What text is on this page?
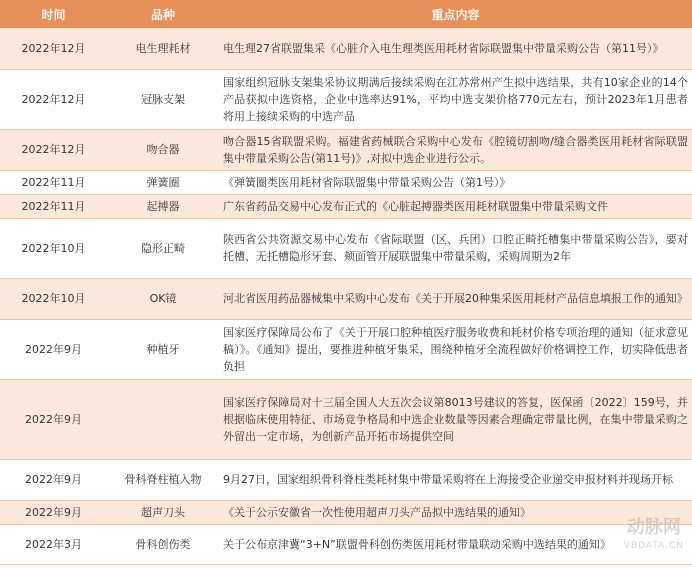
时间	品种	重点内容
2022年12月	电生理耗材	电生理27省联盟集采《心脏介入电生理类医用耗材省际联盟集中带量采购公告（第11号）》
2022年12月	冠脉支架	国家组织冠脉支架集采协议期满后接续采购在江苏常州产生拟中选结果，共有10家企业的14个产品获拟中选资格，企业中选率达91%，平均中选支架价格770元左右，预计2023年1月患者将用上接续采购的中选产品
2022年12月	吻合器	吻合器15省联盟采购。福建省药械联合采购中心发布《腔镜切割吻/缝合器类医用耗材省际联盟集中带量采购公告(第11号)》,对拟中选企业进行公示。
2022年11月	弹簧圈	《弹簧圈类医用耗材省际联盟集中带量采购公告（第1号）》
2022年11月	起搏器	广东省药品交易中心发布正式的《心脏起搏器类医用耗材联盟集中带量采购文件
2022年10月	隐形正畸	陕西省公共资源交易中心发布《省际联盟（区、兵团）口腔正畸托槽集中带量采购公告》，要对托槽、无托槽隐形牙套、颊面管开展联盟集中带量采购，采购周期为2年
2022年10月	OK镜	河北省医用药品器械集中采购中心发布《关于开展20种集采医用耗材产品信息填报工作的通知》
2022年9月	种植牙	国家医疗保障局公布了《关于开展口腔种植医疗服务收费和耗材价格专项治理的通知（征求意见稿）》。《通知》提出，要推进种植牙集采，围绕种植牙全流程做好价格调控工作，切实降低患者负担
2022年9月		国家医疗保障局对十三届全国人大五次会议第8013号建议的答复，医保函〔2022〕159号，并根据临床使用特征、市场竞争格局和中选企业数量等因素合理确定带量比例，在集中带量采购之外留出一定市场，为创新产品开拓市场提供空间
2022年9月	骨科脊柱植入物	9月27日，国家组织骨科脊柱类耗材集中带量采购将在上海接受企业递交申报材料并现场开标
2022年9月	超声刀头	《关于公示安徽省一次性使用超声刀头产品拟中选结果的通知》
2022年3月	骨科创伤类	关于公布京津冀“3+N”联盟骨科创伤类医用耗材带量联动采购中选结果的通知》
动脉网
VBDATA.CN
